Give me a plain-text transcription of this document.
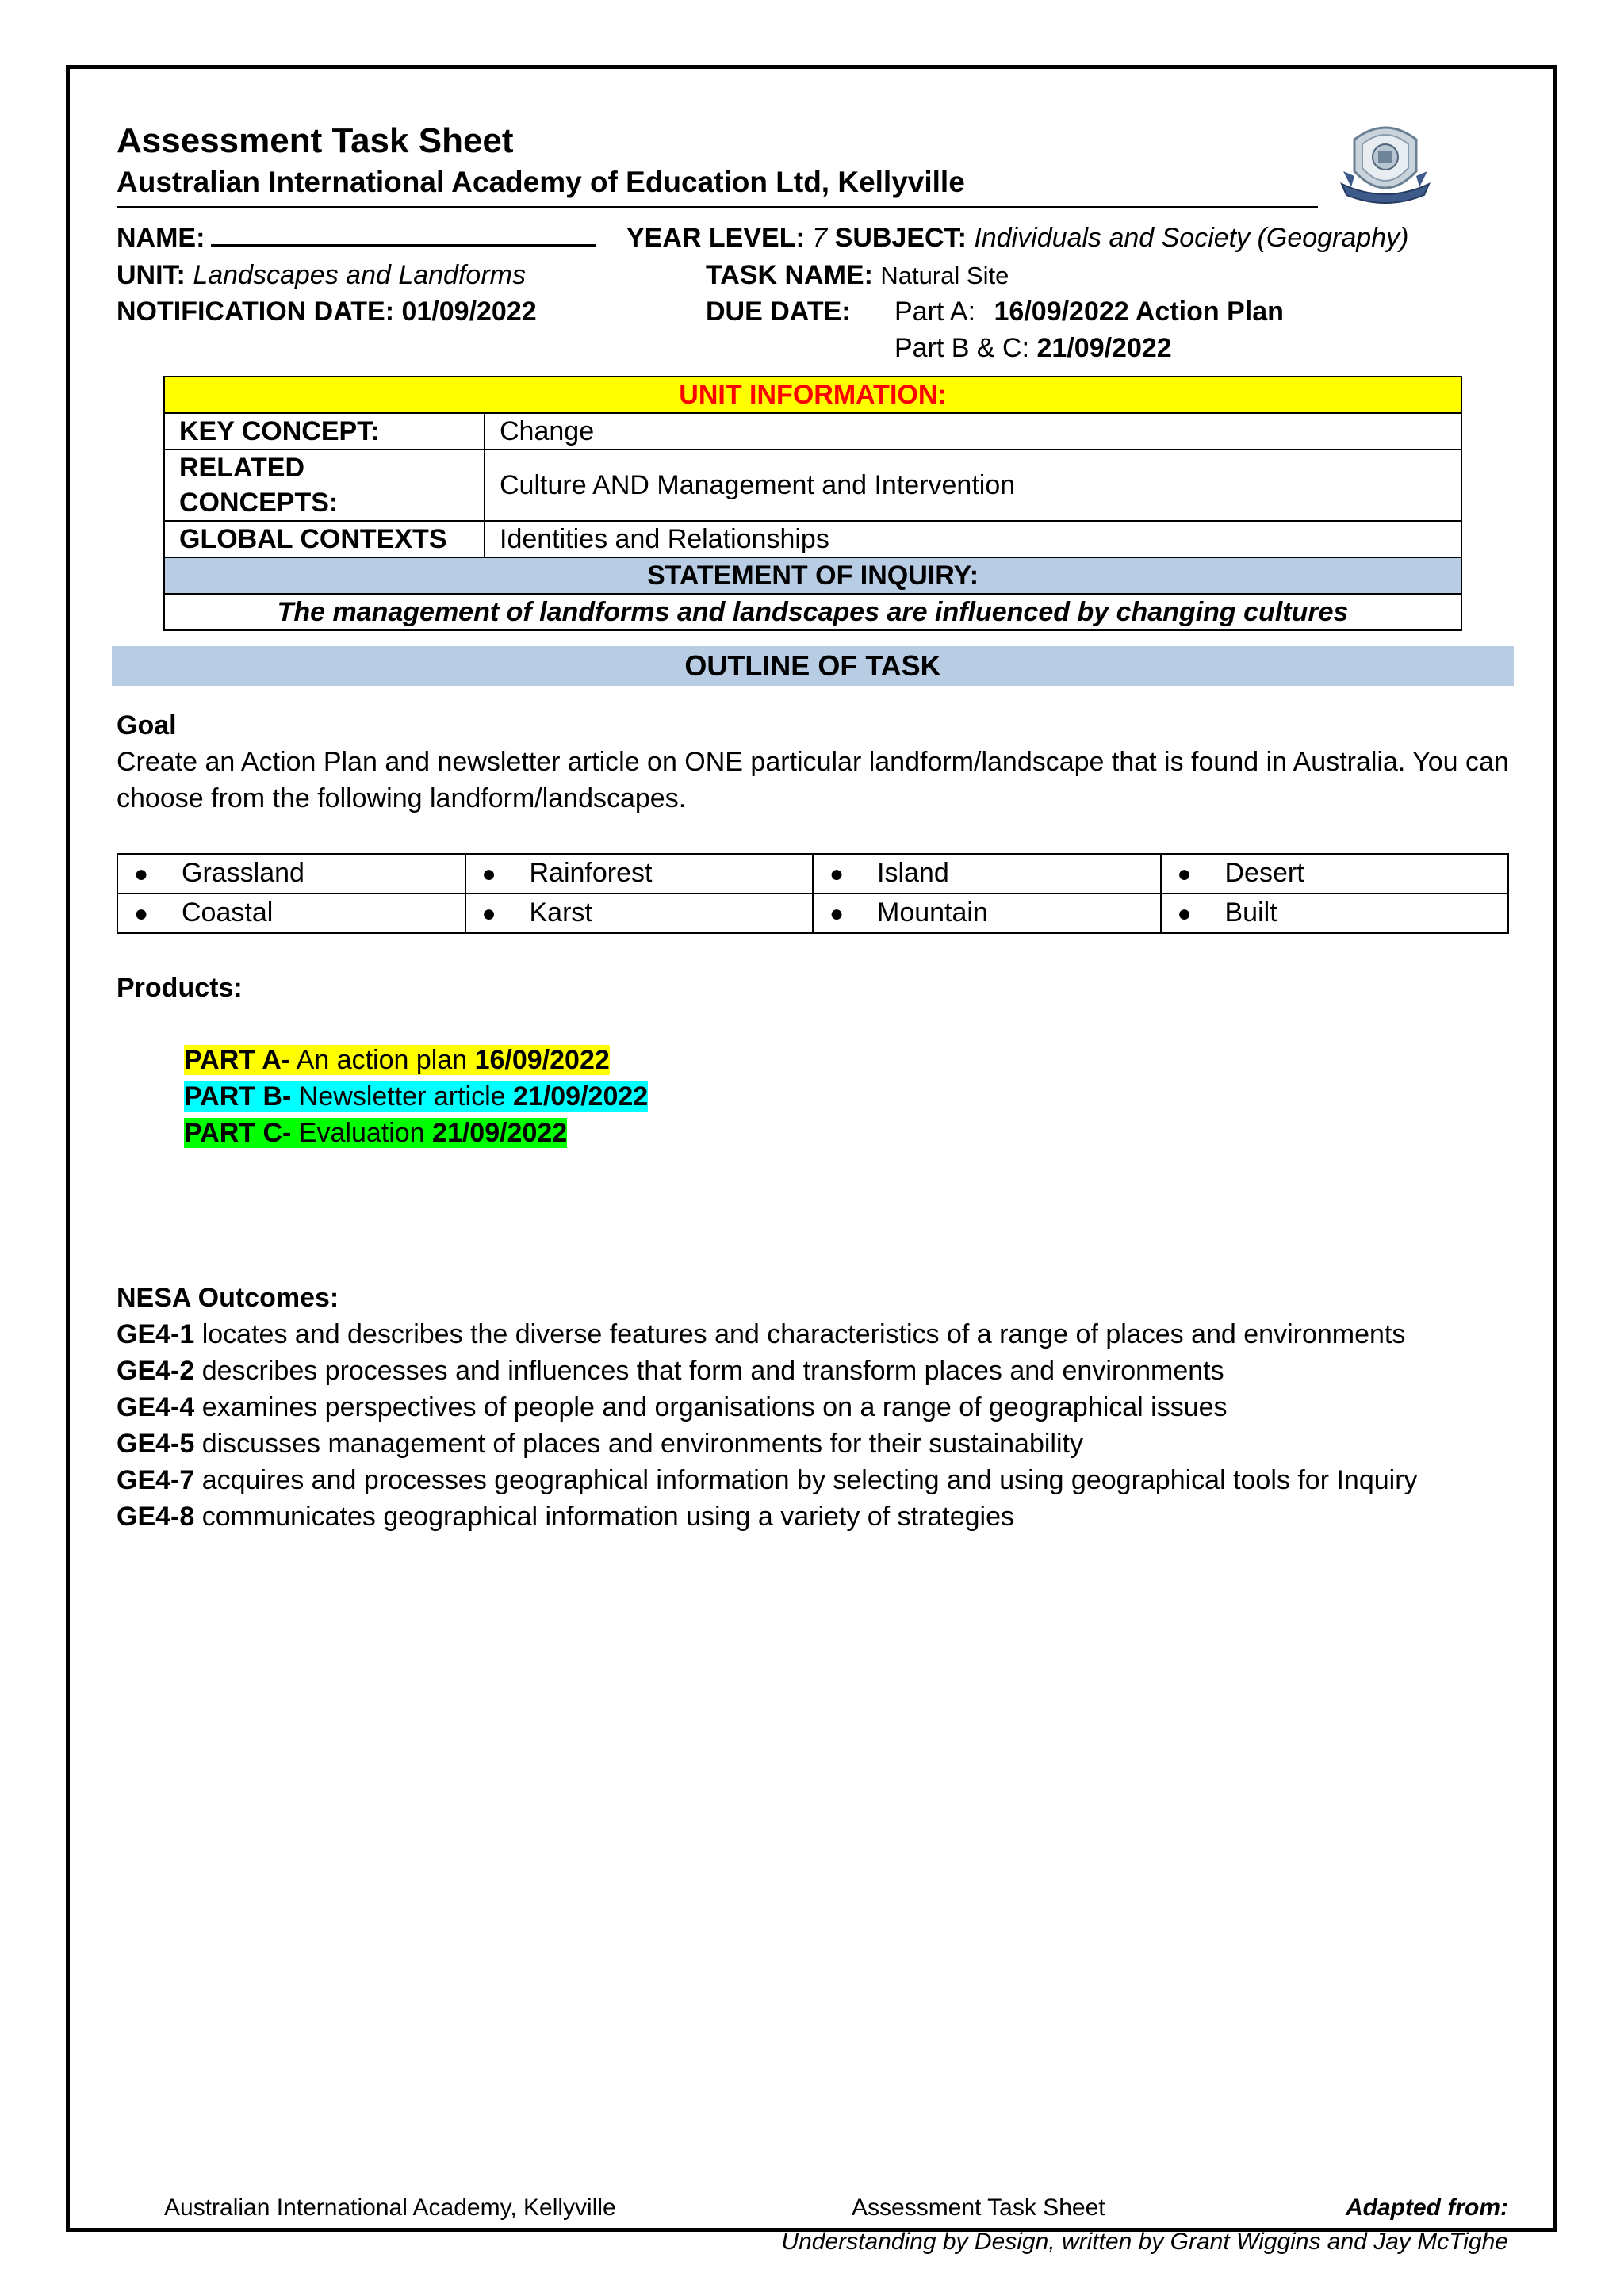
Assessment Task Sheet
Australian International Academy of Education Ltd, Kellyville
NAME:	YEAR LEVEL: 7 SUBJECT: Individuals and Society (Geography)
UNIT: Landscapes and Landforms	TASK NAME: Natural Site
NOTIFICATION DATE: 01/09/2022	DUE DATE: Part A: 16/09/2022 Action Plan
Part B & C: 21/09/2022
UNIT INFORMATION:	
KEY CONCEPT:	Change
RELATED CONCEPTS:	Culture AND Management and Intervention
GLOBAL CONTEXTS	Identities and Relationships
STATEMENT OF INQUIRY:	
The management of landforms and landscapes are influenced by changing cultures	
OUTLINE OF TASK
Goal
Create an Action Plan and newsletter article on ONE particular landform/landscape that is found in Australia. You can choose from the following landform/landscapes.
● Grassland	● Rainforest	● Island	● Desert
● Coastal	● Karst	● Mountain	● Built
Products:
PART A- An action plan 16/09/2022
PART B- Newsletter article 21/09/2022
PART C- Evaluation 21/09/2022
NESA Outcomes:
GE4-1 locates and describes the diverse features and characteristics of a range of places and environments
GE4-2 describes processes and influences that form and transform places and environments
GE4-4 examines perspectives of people and organisations on a range of geographical issues
GE4-5 discusses management of places and environments for their sustainability
GE4-7 acquires and processes geographical information by selecting and using geographical tools for Inquiry
GE4-8 communicates geographical information using a variety of strategies
Australian International Academy, Kellyville	Assessment Task Sheet	Adapted from:
Understanding by Design, written by Grant Wiggins and Jay McTighe
